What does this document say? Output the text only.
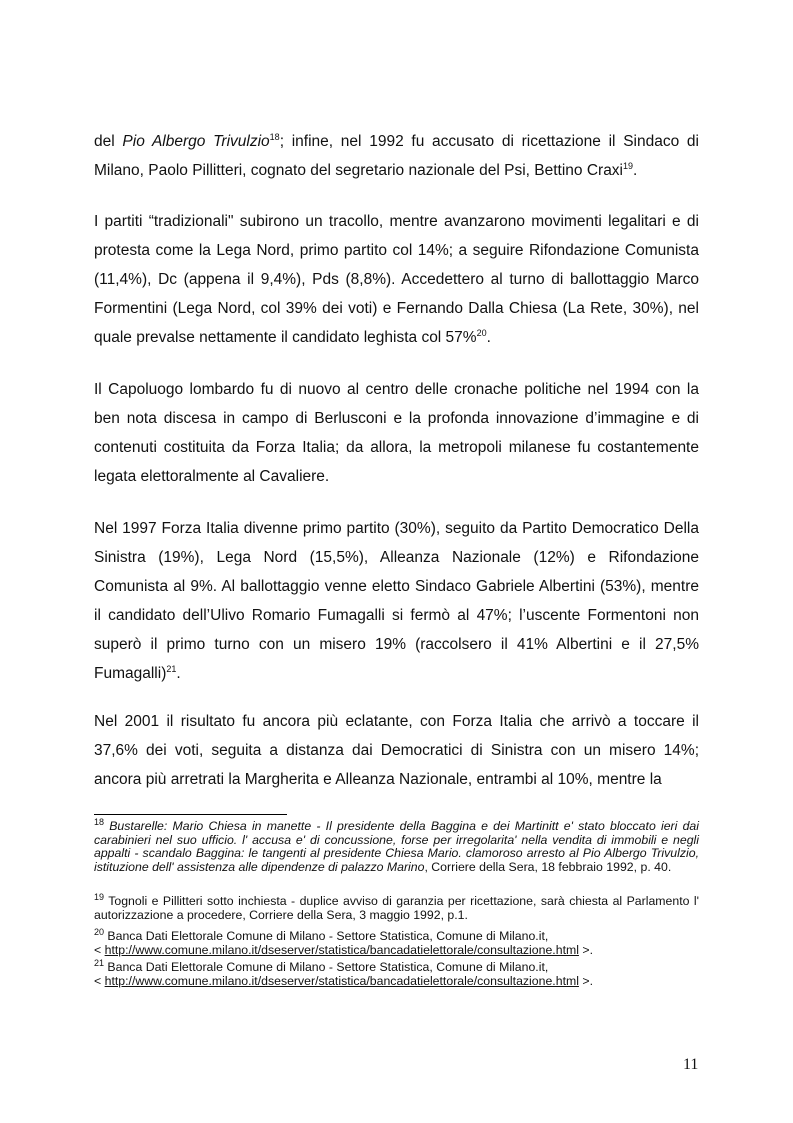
del Pio Albergo Trivulzio$^{18}$; infine, nel 1992 fu accusato di ricettazione il Sindaco di Milano, Paolo Pillitteri, cognato del segretario nazionale del Psi, Bettino Craxi$^{19}$.

I partiti “tradizionali" subirono un tracollo, mentre avanzarono movimenti legalitari e di protesta come la Lega Nord, primo partito col 14%; a seguire Rifondazione Comunista (11,4%), Dc (appena il 9,4%), Pds (8,8%). Accedettero al turno di ballottaggio Marco Formentini (Lega Nord, col 39% dei voti) e Fernando Dalla Chiesa (La Rete, 30%), nel quale prevalse nettamente il candidato leghista col 57%$^{20}$.

Il Capoluogo lombardo fu di nuovo al centro delle cronache politiche nel 1994 con la ben nota discesa in campo di Berlusconi e la profonda innovazione d’immagine e di contenuti costituita da Forza Italia; da allora, la metropoli milanese fu costantemente legata elettoralmente al Cavaliere.

Nel 1997 Forza Italia divenne primo partito (30%), seguito da Partito Democratico Della Sinistra (19%), Lega Nord (15,5%), Alleanza Nazionale (12%) e Rifondazione Comunista al 9%. Al ballottaggio venne eletto Sindaco Gabriele Albertini (53%), mentre il candidato dell’Ulivo Romario Fumagalli si fermò al 47%; l’uscente Formentoni non superò il primo turno con un misero 19% (raccolsero il 41% Albertini e il 27,5% Fumagalli)$^{21}$.

Nel 2001 il risultato fu ancora più eclatante, con Forza Italia che arrivò a toccare il 37,6% dei voti, seguita a distanza dai Democratici di Sinistra con un misero 14%; ancora più arretrati la Margherita e Alleanza Nazionale, entrambi al 10%, mentre la

$^{18}$ Bustarelle: Mario Chiesa in manette - Il presidente della Baggina e dei Martinitt e' stato bloccato ieri dai carabinieri nel suo ufficio. l' accusa e' di concussione, forse per irregolarita' nella vendita di immobili e negli appalti - scandalo Baggina: le tangenti al presidente Chiesa Mario. clamoroso arresto al Pio Albergo Trivulzio, istituzione dell' assistenza alle dipendenze di palazzo Marino, Corriere della Sera, 18 febbraio 1992, p. 40.

$^{19}$ Tognoli e Pillitteri sotto inchiesta - duplice avviso di garanzia per ricettazione, sarà chiesta al Parlamento l' autorizzazione a procedere, Corriere della Sera, 3 maggio 1992, p.1.

$^{20}$ Banca Dati Elettorale Comune di Milano - Settore Statistica, Comune di Milano.it,
< http://www.comune.milano.it/dseserver/statistica/bancadatielettorale/consultazione.html >.

$^{21}$ Banca Dati Elettorale Comune di Milano - Settore Statistica, Comune di Milano.it,
< http://www.comune.milano.it/dseserver/statistica/bancadatielettorale/consultazione.html >.

11
